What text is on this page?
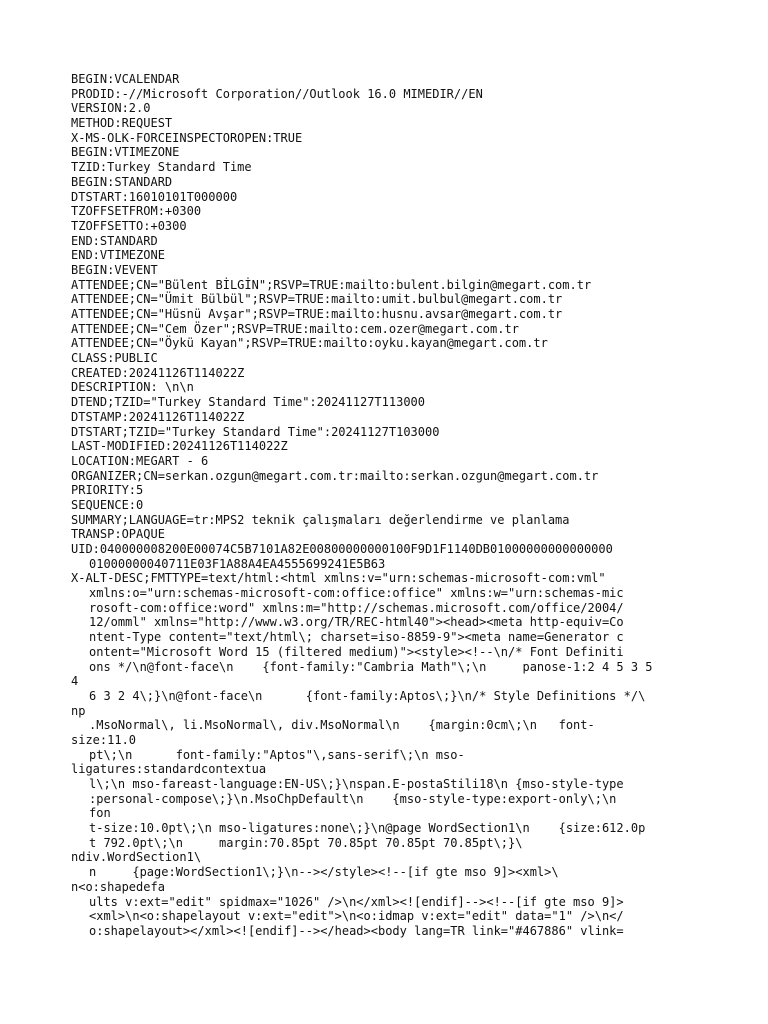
BEGIN:VCALENDAR
PRODID:-//Microsoft Corporation//Outlook 16.0 MIMEDIR//EN
VERSION:2.0
METHOD:REQUEST
X-MS-OLK-FORCEINSPECTOROPEN:TRUE
BEGIN:VTIMEZONE
TZID:Turkey Standard Time
BEGIN:STANDARD
DTSTART:16010101T000000
TZOFFSETFROM:+0300
TZOFFSETTO:+0300
END:STANDARD
END:VTIMEZONE
BEGIN:VEVENT
ATTENDEE;CN="Bülent BİLGİN";RSVP=TRUE:mailto:bulent.bilgin@megart.com.tr
ATTENDEE;CN="Ümit Bülbül";RSVP=TRUE:mailto:umit.bulbul@megart.com.tr
ATTENDEE;CN="Hüsnü Avşar";RSVP=TRUE:mailto:husnu.avsar@megart.com.tr
ATTENDEE;CN="Cem Özer";RSVP=TRUE:mailto:cem.ozer@megart.com.tr
ATTENDEE;CN="Öykü Kayan";RSVP=TRUE:mailto:oyku.kayan@megart.com.tr
CLASS:PUBLIC
CREATED:20241126T114022Z
DESCRIPTION: \n\n
DTEND;TZID="Turkey Standard Time":20241127T113000
DTSTAMP:20241126T114022Z
DTSTART;TZID="Turkey Standard Time":20241127T103000
LAST-MODIFIED:20241126T114022Z
LOCATION:MEGART - 6
ORGANIZER;CN=serkan.ozgun@megart.com.tr:mailto:serkan.ozgun@megart.com.tr
PRIORITY:5
SEQUENCE:0
SUMMARY;LANGUAGE=tr:MPS2 teknik çalışmaları değerlendirme ve planlama
TRANSP:OPAQUE
UID:040000008200E00074C5B7101A82E00800000000100F9D1F1140DB01000000000000000
01000000040711E03F1A88A4EA4555699241E5B63
X-ALT-DESC;FMTTYPE=text/html:<html xmlns:v="urn:schemas-microsoft-com:vml"
xmlns:o="urn:schemas-microsoft-com:office:office" xmlns:w="urn:schemas-mic
rosoft-com:office:word" xmlns:m="http://schemas.microsoft.com/office/2004/
12/omml" xmlns="http://www.w3.org/TR/REC-html40"><head><meta http-equiv=Co
ntent-Type content="text/html\; charset=iso-8859-9"><meta name=Generator c
ontent="Microsoft Word 15 (filtered medium)"><style><!--\n/* Font Definiti
ons */\n@font-face\n    {font-family:"Cambria Math"\;\n     panose-1:2 4 5 3 5
4
6 3 2 4\;}\n@font-face\n      {font-family:Aptos\;}\n/* Style Definitions */\
np
.MsoNormal\, li.MsoNormal\, div.MsoNormal\n    {margin:0cm\;\n   font-
size:11.0
pt\;\n      font-family:"Aptos"\,sans-serif\;\n mso-
ligatures:standardcontextua
l\;\n mso-fareast-language:EN-US\;}\nspan.E-postaStili18\n {mso-style-type
:personal-compose\;}\n.MsoChpDefault\n    {mso-style-type:export-only\;\n
fon
t-size:10.0pt\;\n mso-ligatures:none\;}\n@page WordSection1\n    {size:612.0p
t 792.0pt\;\n     margin:70.85pt 70.85pt 70.85pt 70.85pt\;}\
ndiv.WordSection1\
n     {page:WordSection1\;}\n--></style><!--[if gte mso 9]><xml>\
n<o:shapedefa
ults v:ext="edit" spidmax="1026" />\n</xml><![endif]--><!--[if gte mso 9]>
<xml>\n<o:shapelayout v:ext="edit">\n<o:idmap v:ext="edit" data="1" />\n</
o:shapelayout></xml><![endif]--></head><body lang=TR link="#467886" vlink=
